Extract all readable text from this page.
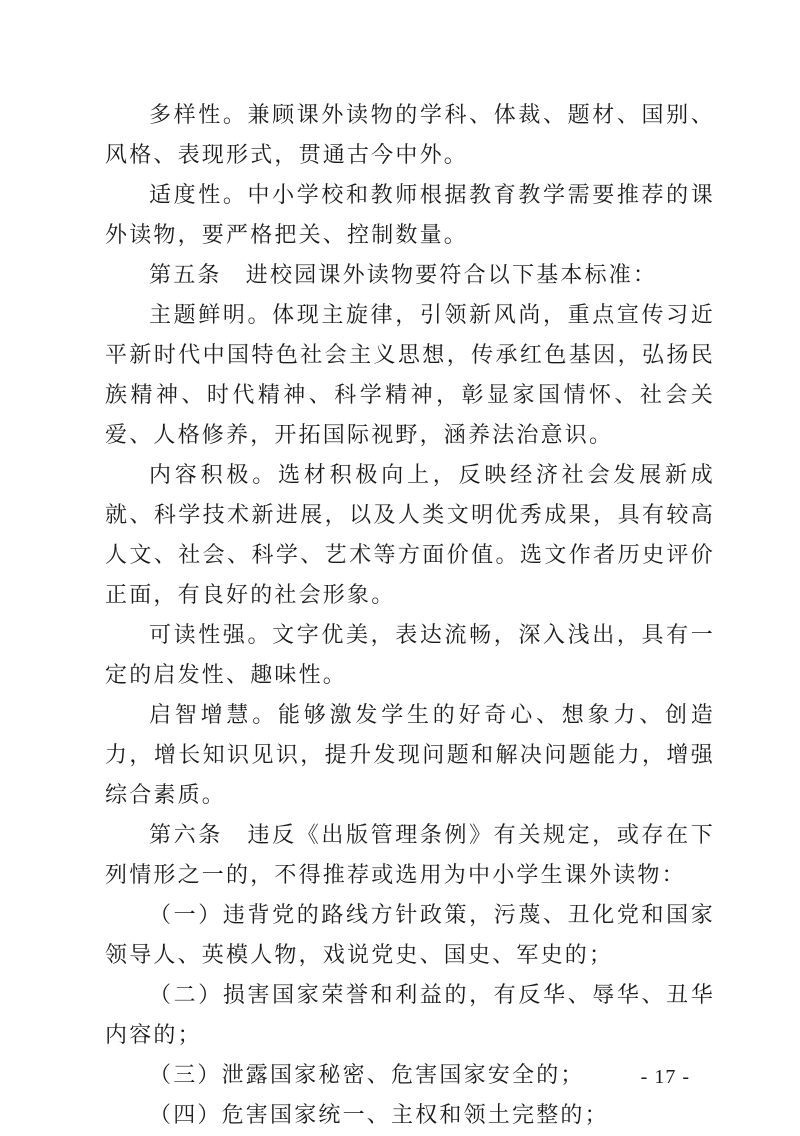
多样性。兼顾课外读物的学科、体裁、题材、国别、风格、表现形式，贯通古今中外。

适度性。中小学校和教师根据教育教学需要推荐的课外读物，要严格把关、控制数量。

第五条　进校园课外读物要符合以下基本标准：

主题鲜明。体现主旋律，引领新风尚，重点宣传习近平新时代中国特色社会主义思想，传承红色基因，弘扬民族精神、时代精神、科学精神，彰显家国情怀、社会关爱、人格修养，开拓国际视野，涵养法治意识。

内容积极。选材积极向上，反映经济社会发展新成就、科学技术新进展，以及人类文明优秀成果，具有较高人文、社会、科学、艺术等方面价值。选文作者历史评价正面，有良好的社会形象。

可读性强。文字优美，表达流畅，深入浅出，具有一定的启发性、趣味性。

启智增慧。能够激发学生的好奇心、想象力、创造力，增长知识见识，提升发现问题和解决问题能力，增强综合素质。

第六条　违反《出版管理条例》有关规定，或存在下列情形之一的，不得推荐或选用为中小学生课外读物：

（一）违背党的路线方针政策，污蔑、丑化党和国家领导人、英模人物，戏说党史、国史、军史的；

（二）损害国家荣誉和利益的，有反华、辱华、丑华内容的；

（三）泄露国家秘密、危害国家安全的；

（四）危害国家统一、主权和领土完整的；

- 17 -
